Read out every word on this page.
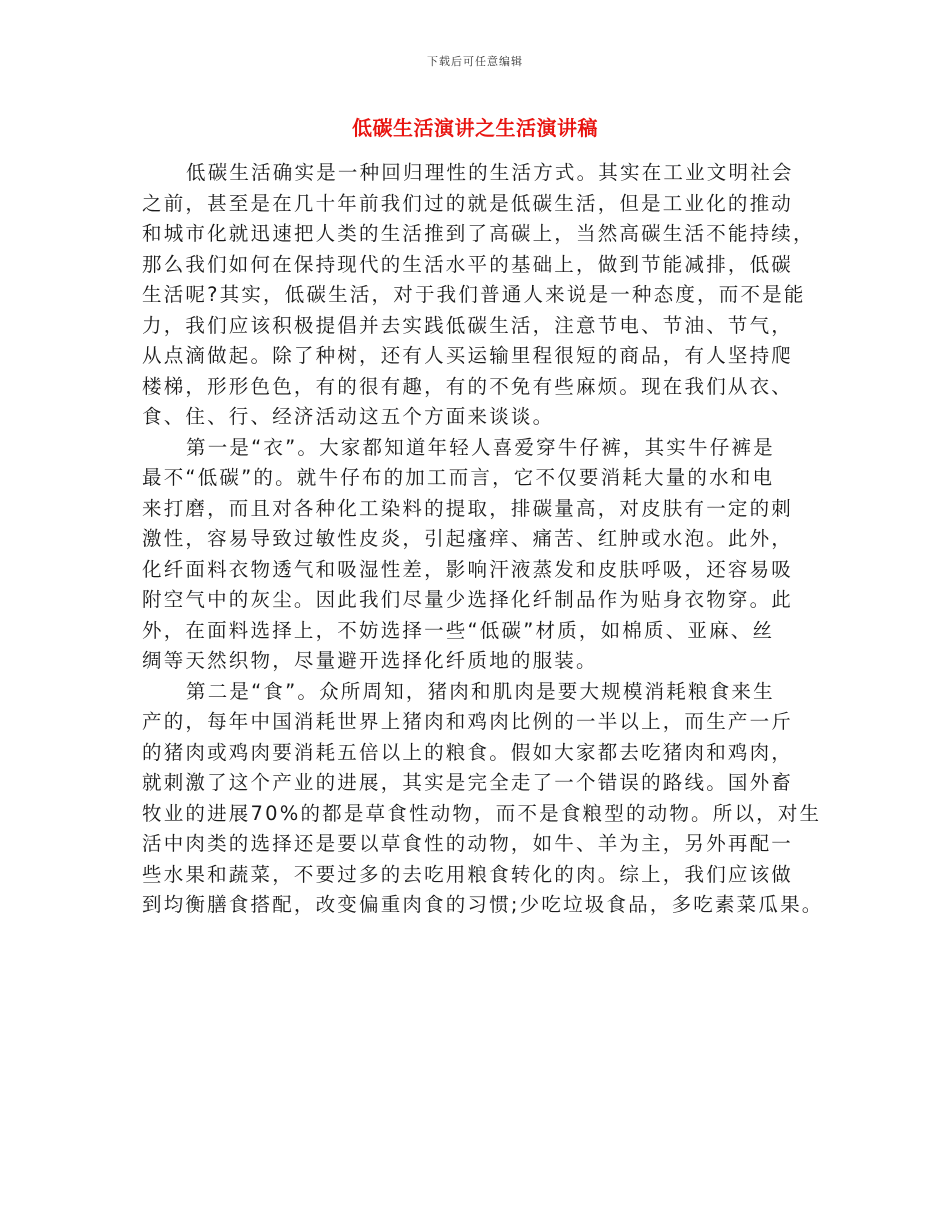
下载后可任意编辑
低碳生活演讲之生活演讲稿
低碳生活确实是一种回归理性的生活方式。其实在工业文明社会
之前，甚至是在几十年前我们过的就是低碳生活，但是工业化的推动
和城市化就迅速把人类的生活推到了高碳上，当然高碳生活不能持续，
那么我们如何在保持现代的生活水平的基础上，做到节能减排，低碳
生活呢?其实，低碳生活，对于我们普通人来说是一种态度，而不是能
力，我们应该积极提倡并去实践低碳生活，注意节电、节油、节气，
从点滴做起。除了种树，还有人买运输里程很短的商品，有人坚持爬
楼梯，形形色色，有的很有趣，有的不免有些麻烦。现在我们从衣、
食、住、行、经济活动这五个方面来谈谈。
第一是“衣”。大家都知道年轻人喜爱穿牛仔裤，其实牛仔裤是
最不“低碳”的。就牛仔布的加工而言，它不仅要消耗大量的水和电
来打磨，而且对各种化工染料的提取，排碳量高，对皮肤有一定的刺
激性，容易导致过敏性皮炎，引起瘙痒、痛苦、红肿或水泡。此外，
化纤面料衣物透气和吸湿性差，影响汗液蒸发和皮肤呼吸，还容易吸
附空气中的灰尘。因此我们尽量少选择化纤制品作为贴身衣物穿。此
外，在面料选择上，不妨选择一些“低碳”材质，如棉质、亚麻、丝
绸等天然织物，尽量避开选择化纤质地的服装。
第二是“食”。众所周知，猪肉和肌肉是要大规模消耗粮食来生
产的，每年中国消耗世界上猪肉和鸡肉比例的一半以上，而生产一斤
的猪肉或鸡肉要消耗五倍以上的粮食。假如大家都去吃猪肉和鸡肉，
就刺激了这个产业的进展，其实是完全走了一个错误的路线。国外畜
牧业的进展70%的都是草食性动物，而不是食粮型的动物。所以，对生
活中肉类的选择还是要以草食性的动物，如牛、羊为主，另外再配一
些水果和蔬菜，不要过多的去吃用粮食转化的肉。综上，我们应该做
到均衡膳食搭配，改变偏重肉食的习惯;少吃垃圾食品，多吃素菜瓜果。
